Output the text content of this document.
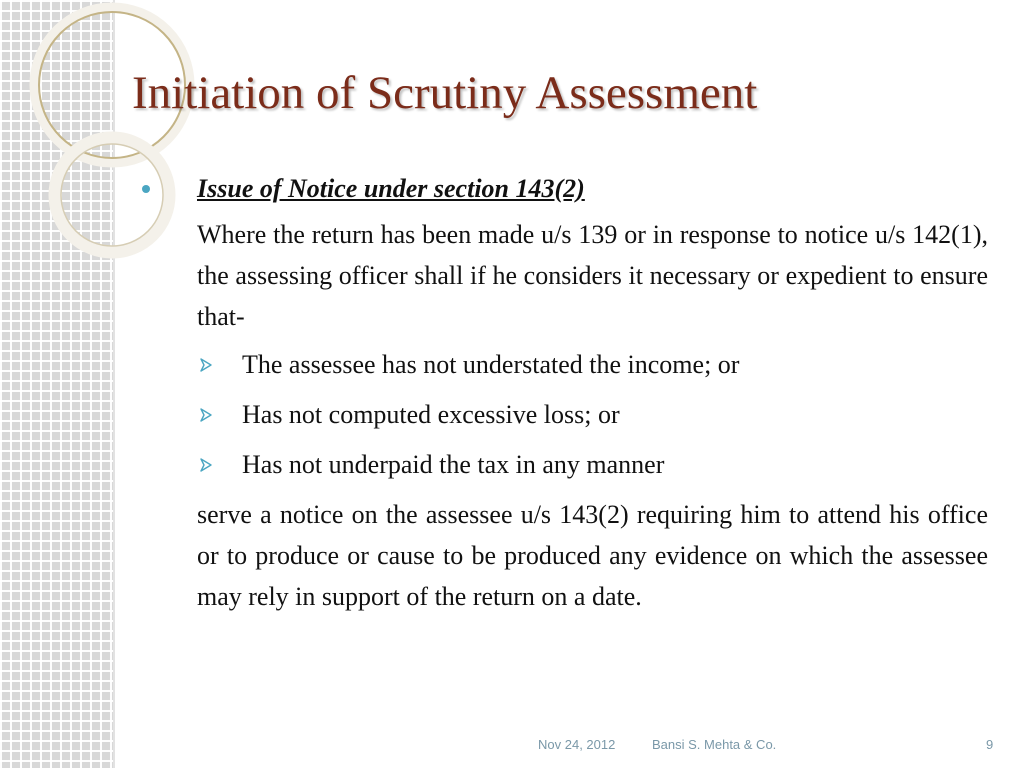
Initiation of Scrutiny Assessment
Issue of Notice under section 143(2)
Where the return has been made u/s 139 or in response to notice u/s 142(1), the assessing officer shall if he considers it necessary or expedient to ensure that-
The assessee has not understated the income; or
Has not computed excessive loss; or
Has not underpaid the tax in any manner
serve a notice on the assessee u/s 143(2) requiring him to attend his office or to produce or cause to be produced any evidence on which the assessee may rely in support of the return on a date.
Nov 24, 2012	Bansi S. Mehta & Co.	9
